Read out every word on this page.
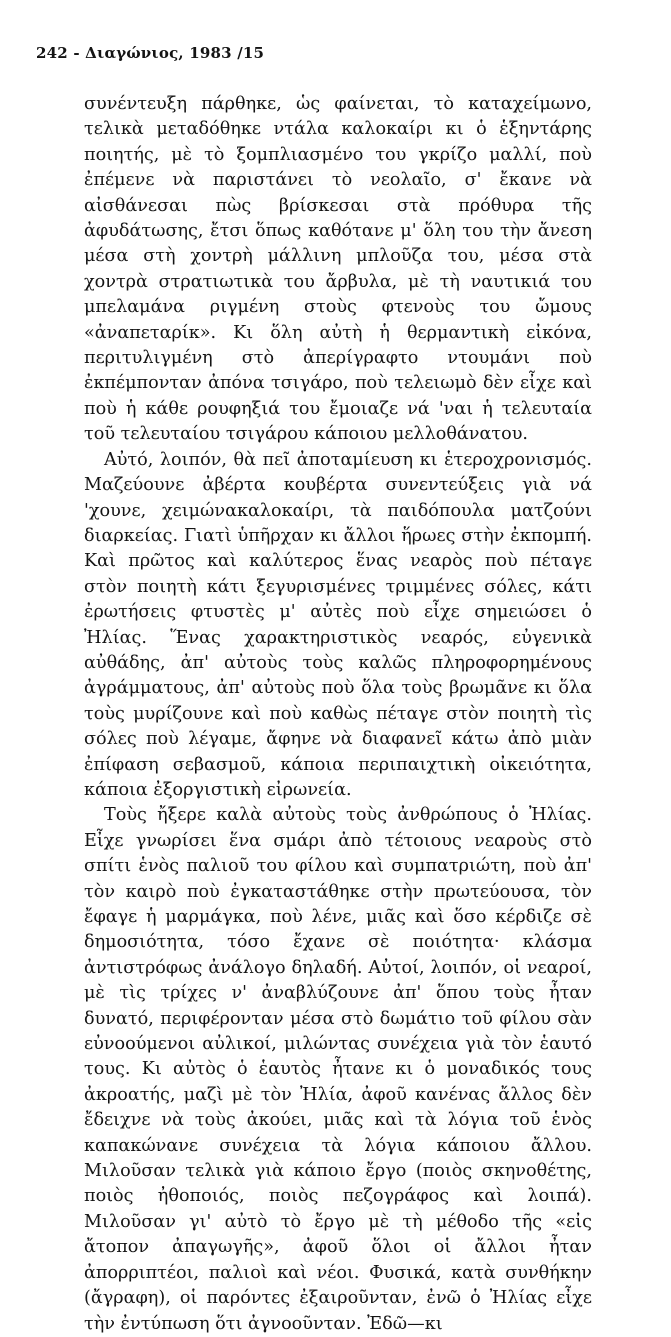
242 - Διαγώνιος, 1983 /15

συνέντευξη πάρθηκε, ὡς φαίνεται, τὸ καταχείμωνο, τελικὰ μεταδόθηκε ντάλα καλοκαίρι κι ὁ ἑξηντάρης ποιητής, μὲ τὸ ξομπλιασμένο του γκρίζο μαλλί, ποὺ ἐπέμενε νὰ παριστάνει τὸ νεολαῖο, σ' ἔκανε νὰ αἰσθάνεσαι πὼς βρίσκεσαι στὰ πρόθυρα τῆς ἀφυδάτωσης, ἔτσι ὅπως καθότανε μ' ὅλη του τὴν ἄνεση μέσα στὴ χοντρὴ μάλλινη μπλοῦζα του, μέσα στὰ χοντρὰ στρατιωτικὰ του ἄρβυλα, μὲ τὴ ναυτικιά του μπελαμάνα ριγμένη στοὺς φτενοὺς του ὤμους «ἀναπεταρίκ». Κι ὅλη αὐτὴ ἡ θερμαντικὴ εἰκόνα, περιτυλιγμένη στὸ ἀπερίγραφτο ντουμάνι ποὺ ἐκπέμπονταν ἀπόνα τσιγάρο, ποὺ τελειωμὸ δὲν εἶχε καὶ ποὺ ἡ κάθε ρουφηξιά του ἔμοιαζε νά 'ναι ἡ τελευταία τοῦ τελευταίου τσιγάρου κάποιου μελλοθάνατου.

Αὐτό, λοιπόν, θὰ πεῖ ἀποταμίευση κι ἑτεροχρονισμός. Μαζεύουνε ἀβέρτα κουβέρτα συνεντεύξεις γιὰ νά 'χουνε, χειμώνακαλοκαίρι, τὰ παιδόπουλα ματζούνι διαρκείας. Γιατὶ ὑπῆρχαν κι ἄλλοι ἥρωες στὴν ἐκπομπή. Καὶ πρῶτος καὶ καλύτερος ἕνας νεαρὸς ποὺ πέταγε στὸν ποιητὴ κάτι ξεγυρισμένες τριμμένες σόλες, κάτι ἐρωτήσεις φτυστὲς μ' αὐτὲς ποὺ εἶχε σημειώσει ὁ Ἠλίας. Ἕνας χαρακτηριστικὸς νεαρός, εὐγενικὰ αὐθάδης, ἀπ' αὐτοὺς τοὺς καλῶς πληροφορημένους ἀγράμματους, ἀπ' αὐτοὺς ποὺ ὅλα τοὺς βρωμᾶνε κι ὅλα τοὺς μυρίζουνε καὶ ποὺ καθὼς πέταγε στὸν ποιητὴ τὶς σόλες ποὺ λέγαμε, ἄφηνε νὰ διαφανεῖ κάτω ἀπὸ μιὰν ἐπίφαση σεβασμοῦ, κάποια περιπαιχτικὴ οἰκειότητα, κάποια ἐξοργιστικὴ εἰρωνεία.

Τοὺς ἤξερε καλὰ αὐτοὺς τοὺς ἀνθρώπους ὁ Ἠλίας. Εἶχε γνωρίσει ἕνα σμάρι ἀπὸ τέτοιους νεαροὺς στὸ σπίτι ἑνὸς παλιοῦ του φίλου καὶ συμπατριώτη, ποὺ ἀπ' τὸν καιρὸ ποὺ ἐγκαταστάθηκε στὴν πρωτεύουσα, τὸν ἔφαγε ἡ μαρμάγκα, ποὺ λένε, μιᾶς καὶ ὅσο κέρδιζε σὲ δημοσιότητα, τόσο ἔχανε σὲ ποιότητα· κλάσμα ἀντιστρόφως ἀνάλογο δηλαδή. Αὐτοί, λοιπόν, οἱ νεαροί, μὲ τὶς τρίχες ν' ἀναβλύζουνε ἀπ' ὅπου τοὺς ἦταν δυνατό, περιφέρονταν μέσα στὸ δωμάτιο τοῦ φίλου σὰν εὐνοούμενοι αὐλικοί, μιλώντας συνέχεια γιὰ τὸν ἑαυτό τους. Κι αὐτὸς ὁ ἑαυτὸς ἦτανε κι ὁ μοναδικός τους ἀκροατής, μαζὶ μὲ τὸν Ἠλία, ἀφοῦ κανένας ἄλλος δὲν ἔδειχνε νὰ τοὺς ἀκούει, μιᾶς καὶ τὰ λόγια τοῦ ἑνὸς καπακώνανε συνέχεια τὰ λόγια κάποιου ἄλλου. Μιλοῦσαν τελικὰ γιὰ κάποιο ἔργο (ποιὸς σκηνοθέτης, ποιὸς ἠθοποιός, ποιὸς πεζογράφος καὶ λοιπά). Μιλοῦσαν γι' αὐτὸ τὸ ἔργο μὲ τὴ μέθοδο τῆς «εἰς ἄτοπον ἀπαγωγῆς», ἀφοῦ ὅλοι οἱ ἄλλοι ἦταν ἀπορριπτέοι, παλιοὶ καὶ νέοι. Φυσικά, κατὰ συνθήκην (ἄγραφη), οἱ παρόντες ἐξαιροῦνταν, ἐνῶ ὁ Ἠλίας εἶχε τὴν ἐντύπωση ὅτι ἀγνοοῦνταν. Ἐδῶ—κι
